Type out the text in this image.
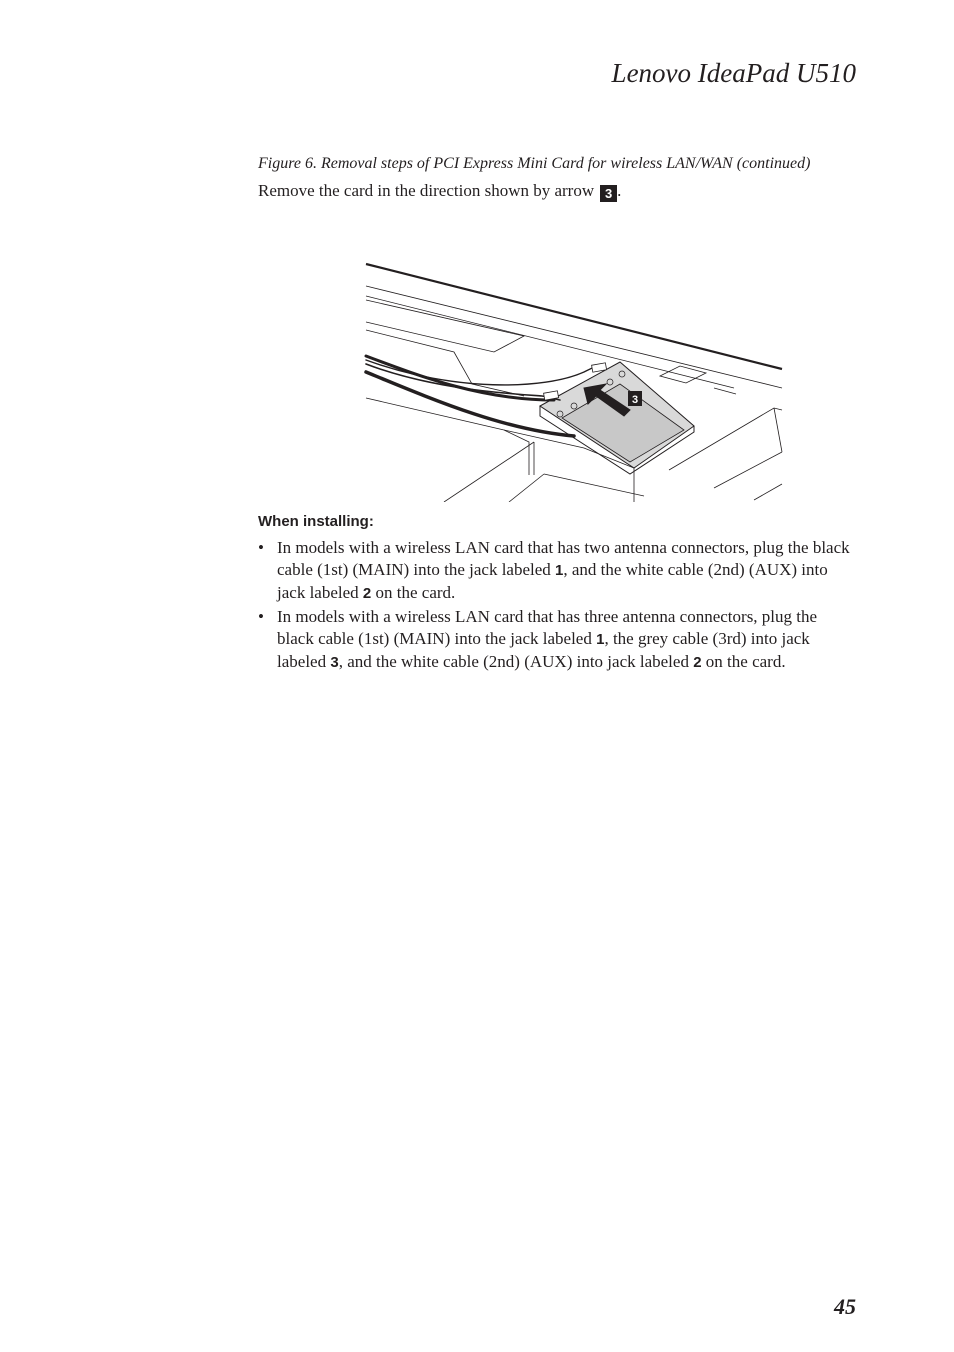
Lenovo IdeaPad U510
Figure 6. Removal steps of PCI Express Mini Card for wireless LAN/WAN (continued)
Remove the card in the direction shown by arrow 3 .
3
When installing:
• In models with a wireless LAN card that has two antenna connectors, plug the black cable (1st) (MAIN) into the jack labeled 1, and the white cable (2nd) (AUX) into jack labeled 2 on the card.
• In models with a wireless LAN card that has three antenna connectors, plug the black cable (1st) (MAIN) into the jack labeled 1, the grey cable (3rd) into jack labeled 3, and the white cable (2nd) (AUX) into jack labeled 2 on the card.
45
